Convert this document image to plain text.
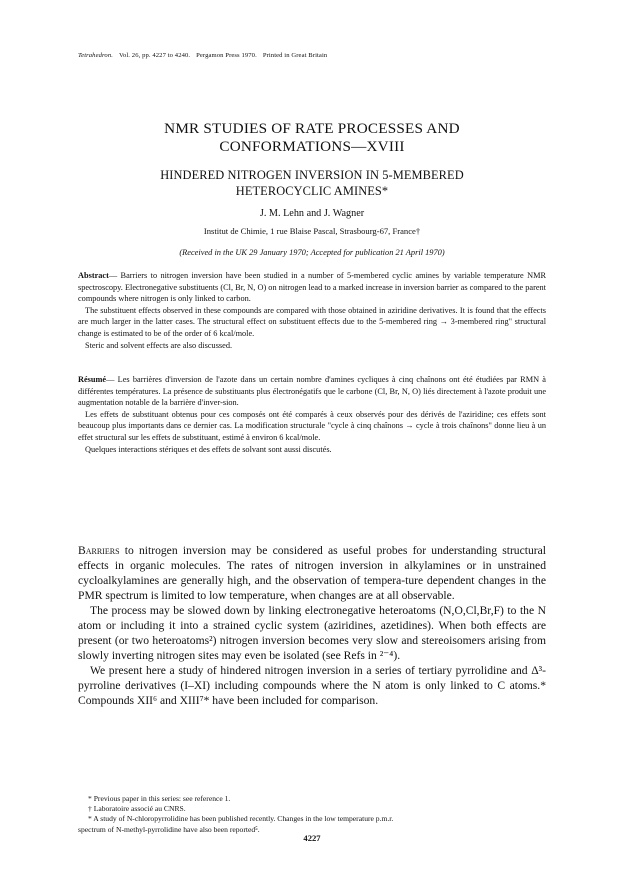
Tetrahedron. Vol. 26, pp. 4227 to 4240. Pergamon Press 1970. Printed in Great Britain
NMR STUDIES OF RATE PROCESSES AND
CONFORMATIONS—XVIII
HINDERED NITROGEN INVERSION IN 5-MEMBERED
HETEROCYCLIC AMINES*
J. M. Lehn and J. Wagner
Institut de Chimie, 1 rue Blaise Pascal, Strasbourg-67, France†
(Received in the UK 29 January 1970; Accepted for publication 21 April 1970)

Abstract— Barriers to nitrogen inversion have been studied in a number of 5-membered cyclic amines by variable temperature NMR spectroscopy. Electronegative substituents (Cl, Br, N, O) on nitrogen lead to a marked increase in inversion barrier as compared to the parent compounds where nitrogen is only linked to carbon.

The substituent effects observed in these compounds are compared with those obtained in aziridine derivatives. It is found that the effects are much larger in the latter cases. The structural effect on substituent effects due to the 5-membered ring → 3-membered ring" structural change is estimated to be of the order of 6 kcal/mole.

Steric and solvent effects are also discussed.

Résumé— Les barrières d'inversion de l'azote dans un certain nombre d'amines cycliques à cinq chaînons ont été étudiées par RMN à différentes températures. La présence de substituants plus électronégatifs que le carbone (Cl, Br, N, O) liés directement à l'azote produit une augmentation notable de la barrière d'inver-sion.

Les effets de substituant obtenus pour ces composés ont été comparés à ceux observés pour des dérivés de l'aziridine; ces effets sont beaucoup plus importants dans ce dernier cas. La modification structurale "cycle à cinq chaînons → cycle à trois chaînons" donne lieu à un effet structural sur les effets de substituant, estimé à environ 6 kcal/mole.

Quelques interactions stériques et des effets de solvant sont aussi discutés.

Barriers to nitrogen inversion may be considered as useful probes for understanding structural effects in organic molecules. The rates of nitrogen inversion in alkylamines or in unstrained cycloalkylamines are generally high, and the observation of tempera-ture dependent changes in the PMR spectrum is limited to low temperature, when changes are at all observable.

The process may be slowed down by linking electronegative heteroatoms (N,O,Cl,Br,F) to the N atom or including it into a strained cyclic system (aziridines, azetidines). When both effects are present (or two heteroatoms²) nitrogen inversion becomes very slow and stereoisomers arising from slowly inverting nitrogen sites may even be isolated (see Refs in ²⁻⁴).

We present here a study of hindered nitrogen inversion in a series of tertiary pyrrolidine and Δ³-pyrroline derivatives (I–XI) including compounds where the N atom is only linked to C atoms.* Compounds XII⁶ and XIII⁷* have been included for comparison.

* Previous paper in this series: see reference 1.

† Laboratoire associé au CNRS.

* A study of N-chloropyrrolidine has been published recently. Changes in the low temperature p.m.r.

spectrum of N-methyl-pyrrolidine have also been reported⁵.

4227
